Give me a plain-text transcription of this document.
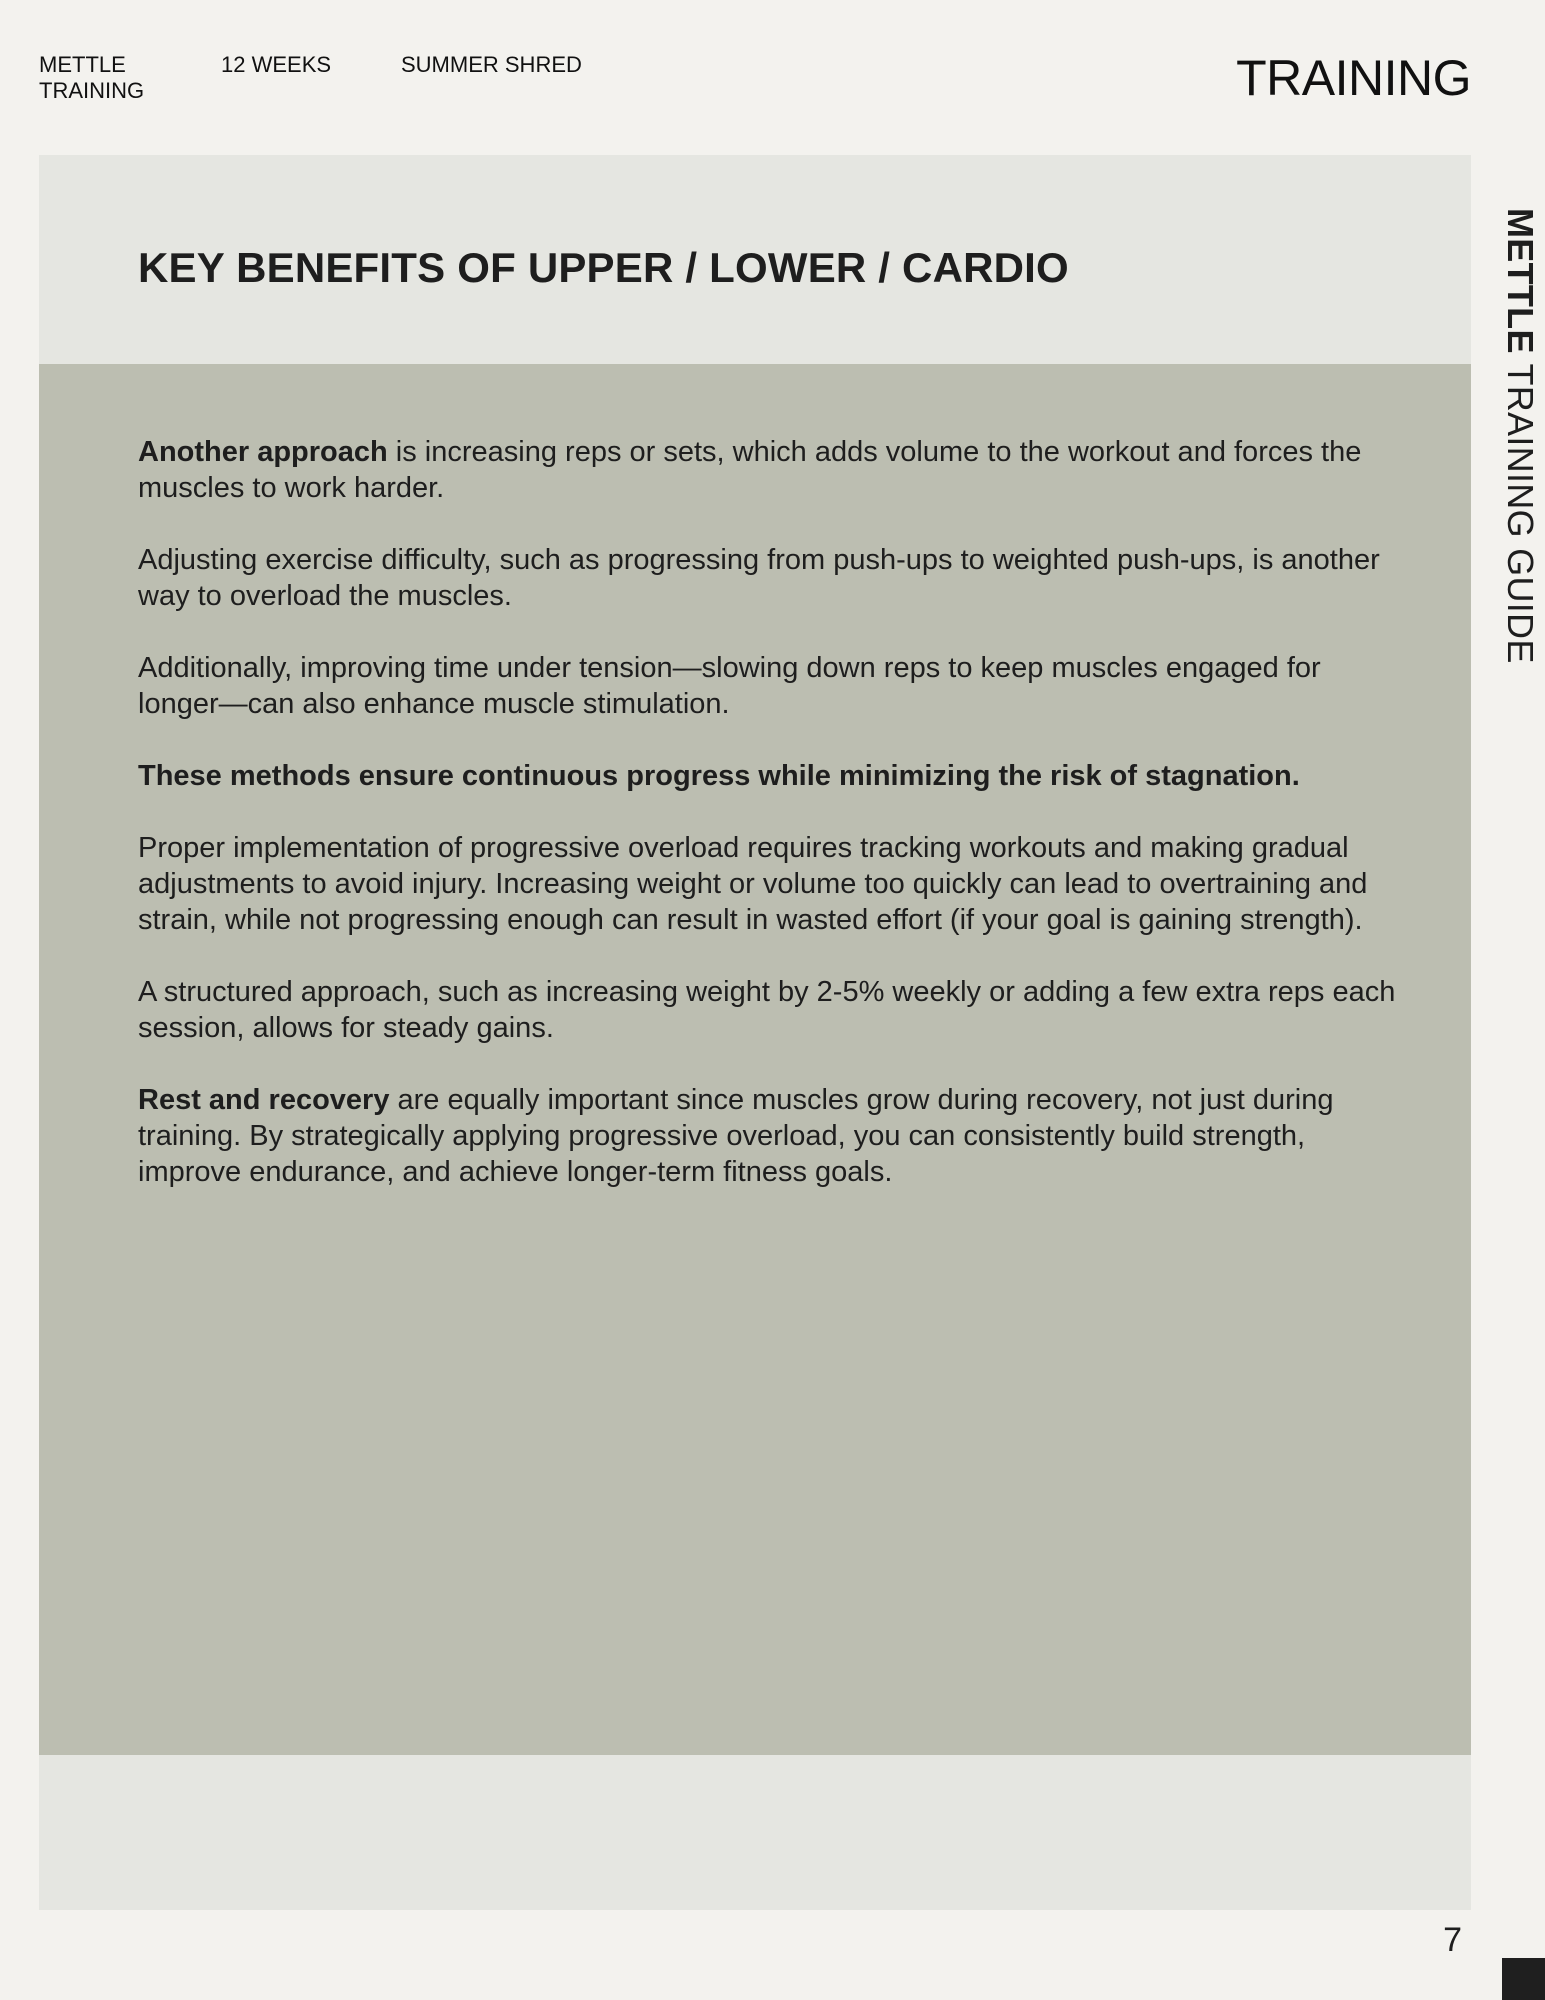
METTLE TRAINING
12 WEEKS	SUMMER SHRED	TRAINING
KEY BENEFITS OF UPPER / LOWER / CARDIO

Another approach is increasing reps or sets, which adds volume to the workout and forces the muscles to work harder.

Adjusting exercise difficulty, such as progressing from push-ups to weighted push-ups, is another way to overload the muscles.

Additionally, improving time under tension—slowing down reps to keep muscles engaged for longer—can also enhance muscle stimulation.

These methods ensure continuous progress while minimizing the risk of stagnation.

Proper implementation of progressive overload requires tracking workouts and making gradual adjustments to avoid injury. Increasing weight or volume too quickly can lead to overtraining and strain, while not progressing enough can result in wasted effort (if your goal is gaining strength).

A structured approach, such as increasing weight by 2-5% weekly or adding a few extra reps each session, allows for steady gains.

Rest and recovery are equally important since muscles grow during recovery, not just during training. By strategically applying progressive overload, you can consistently build strength, improve endurance, and achieve longer-term fitness goals.

METTLE TRAINING GUIDE
7
